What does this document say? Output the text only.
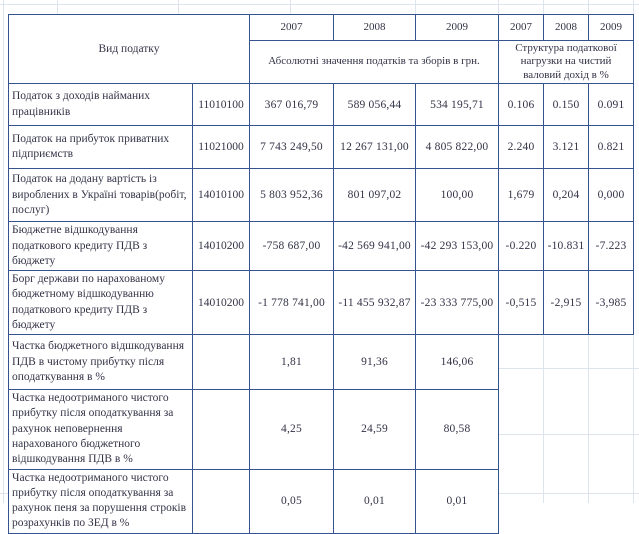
Вид податку		2007	2008	2009	2007	2008	2009
		Абсолютні значення податків та зборів в грн.			Структура податкової нагрузки на чистий валовий дохід в %		
Податок з доходів найманих працівників	11010100	367 016,79	589 056,44	534 195,71	0.106	0.150	0.091
Податок на прибуток приватних підприємств	11021000	7 743 249,50	12 267 131,00	4 805 822,00	2.240	3.121	0.821
Податок на додану вартість із вироблених в Україні товарів(робіт, послуг)	14010100	5 803 952,36	801 097,02	100,00	1,679	0,204	0,000
Бюджетне відшкодування податкового кредиту ПДВ з бюджету	14010200	-758 687,00	-42 569 941,00	-42 293 153,00	-0.220	-10.831	-7.223
Борг держави по нарахованому бюджетному відшкодуванню податкового кредиту ПДВ з бюджету	14010200	-1 778 741,00	-11 455 932,87	-23 333 775,00	-0,515	-2,915	-3,985
Частка бюджетного відшкодування ПДВ в чистому прибутку після оподаткування в %		1,81	91,36	146,06			
Частка недоотриманого чистого прибутку після оподаткування за рахунок неповернення нарахованого бюджетного відшкодування ПДВ в %		4,25	24,59	80,58			
Частка недоотриманого чистого прибутку після оподаткування за рахунок пеня за порушення строків розрахунків по ЗЕД в %		0,05	0,01	0,01			
